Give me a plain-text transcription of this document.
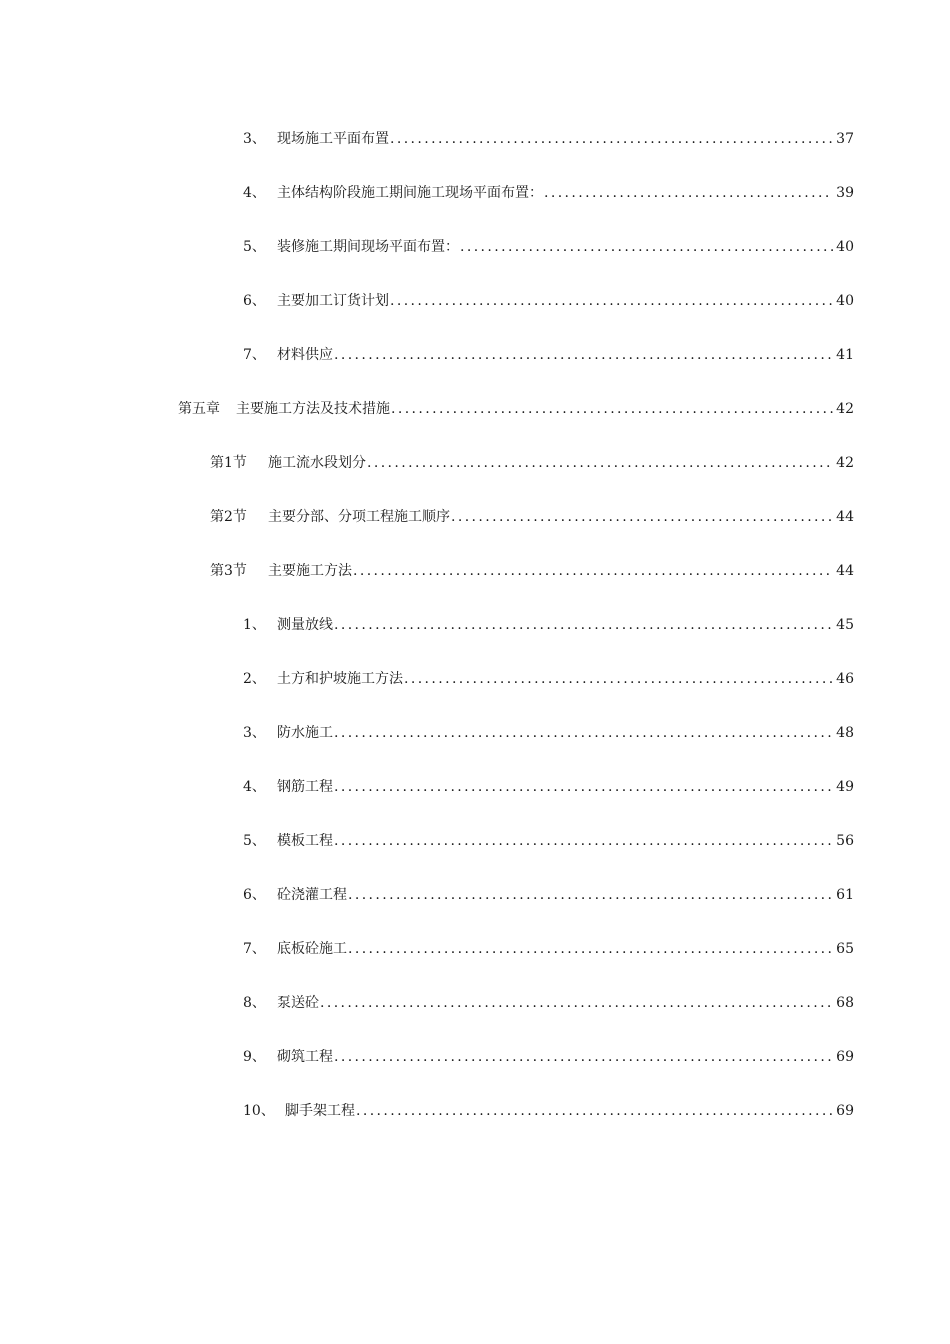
3、 现场施工平面布置 .....	37
4、 主体结构阶段施工期间施工现场平面布置： .....	39
5、 装修施工期间现场平面布置： .....	40
6、 主要加工订货计划 .....	40
7、 材料供应 .....	41
第五章	主要施工方法及技术措施 .....	42
第1节	施工流水段划分 .....	42
第2节	主要分部、分项工程施工顺序 .....	44
第3节	主要施工方法 .....	44
1、 测量放线 .....	45
2、 土方和护坡施工方法 .....	46
3、 防水施工 .....	48
4、 钢筋工程 .....	49
5、 模板工程 .....	56
6、 砼浇灌工程 .....	61
7、 底板砼施工 .....	65
8、 泵送砼 .....	68
9、 砌筑工程 .....	69
10、 脚手架工程 .....	69
